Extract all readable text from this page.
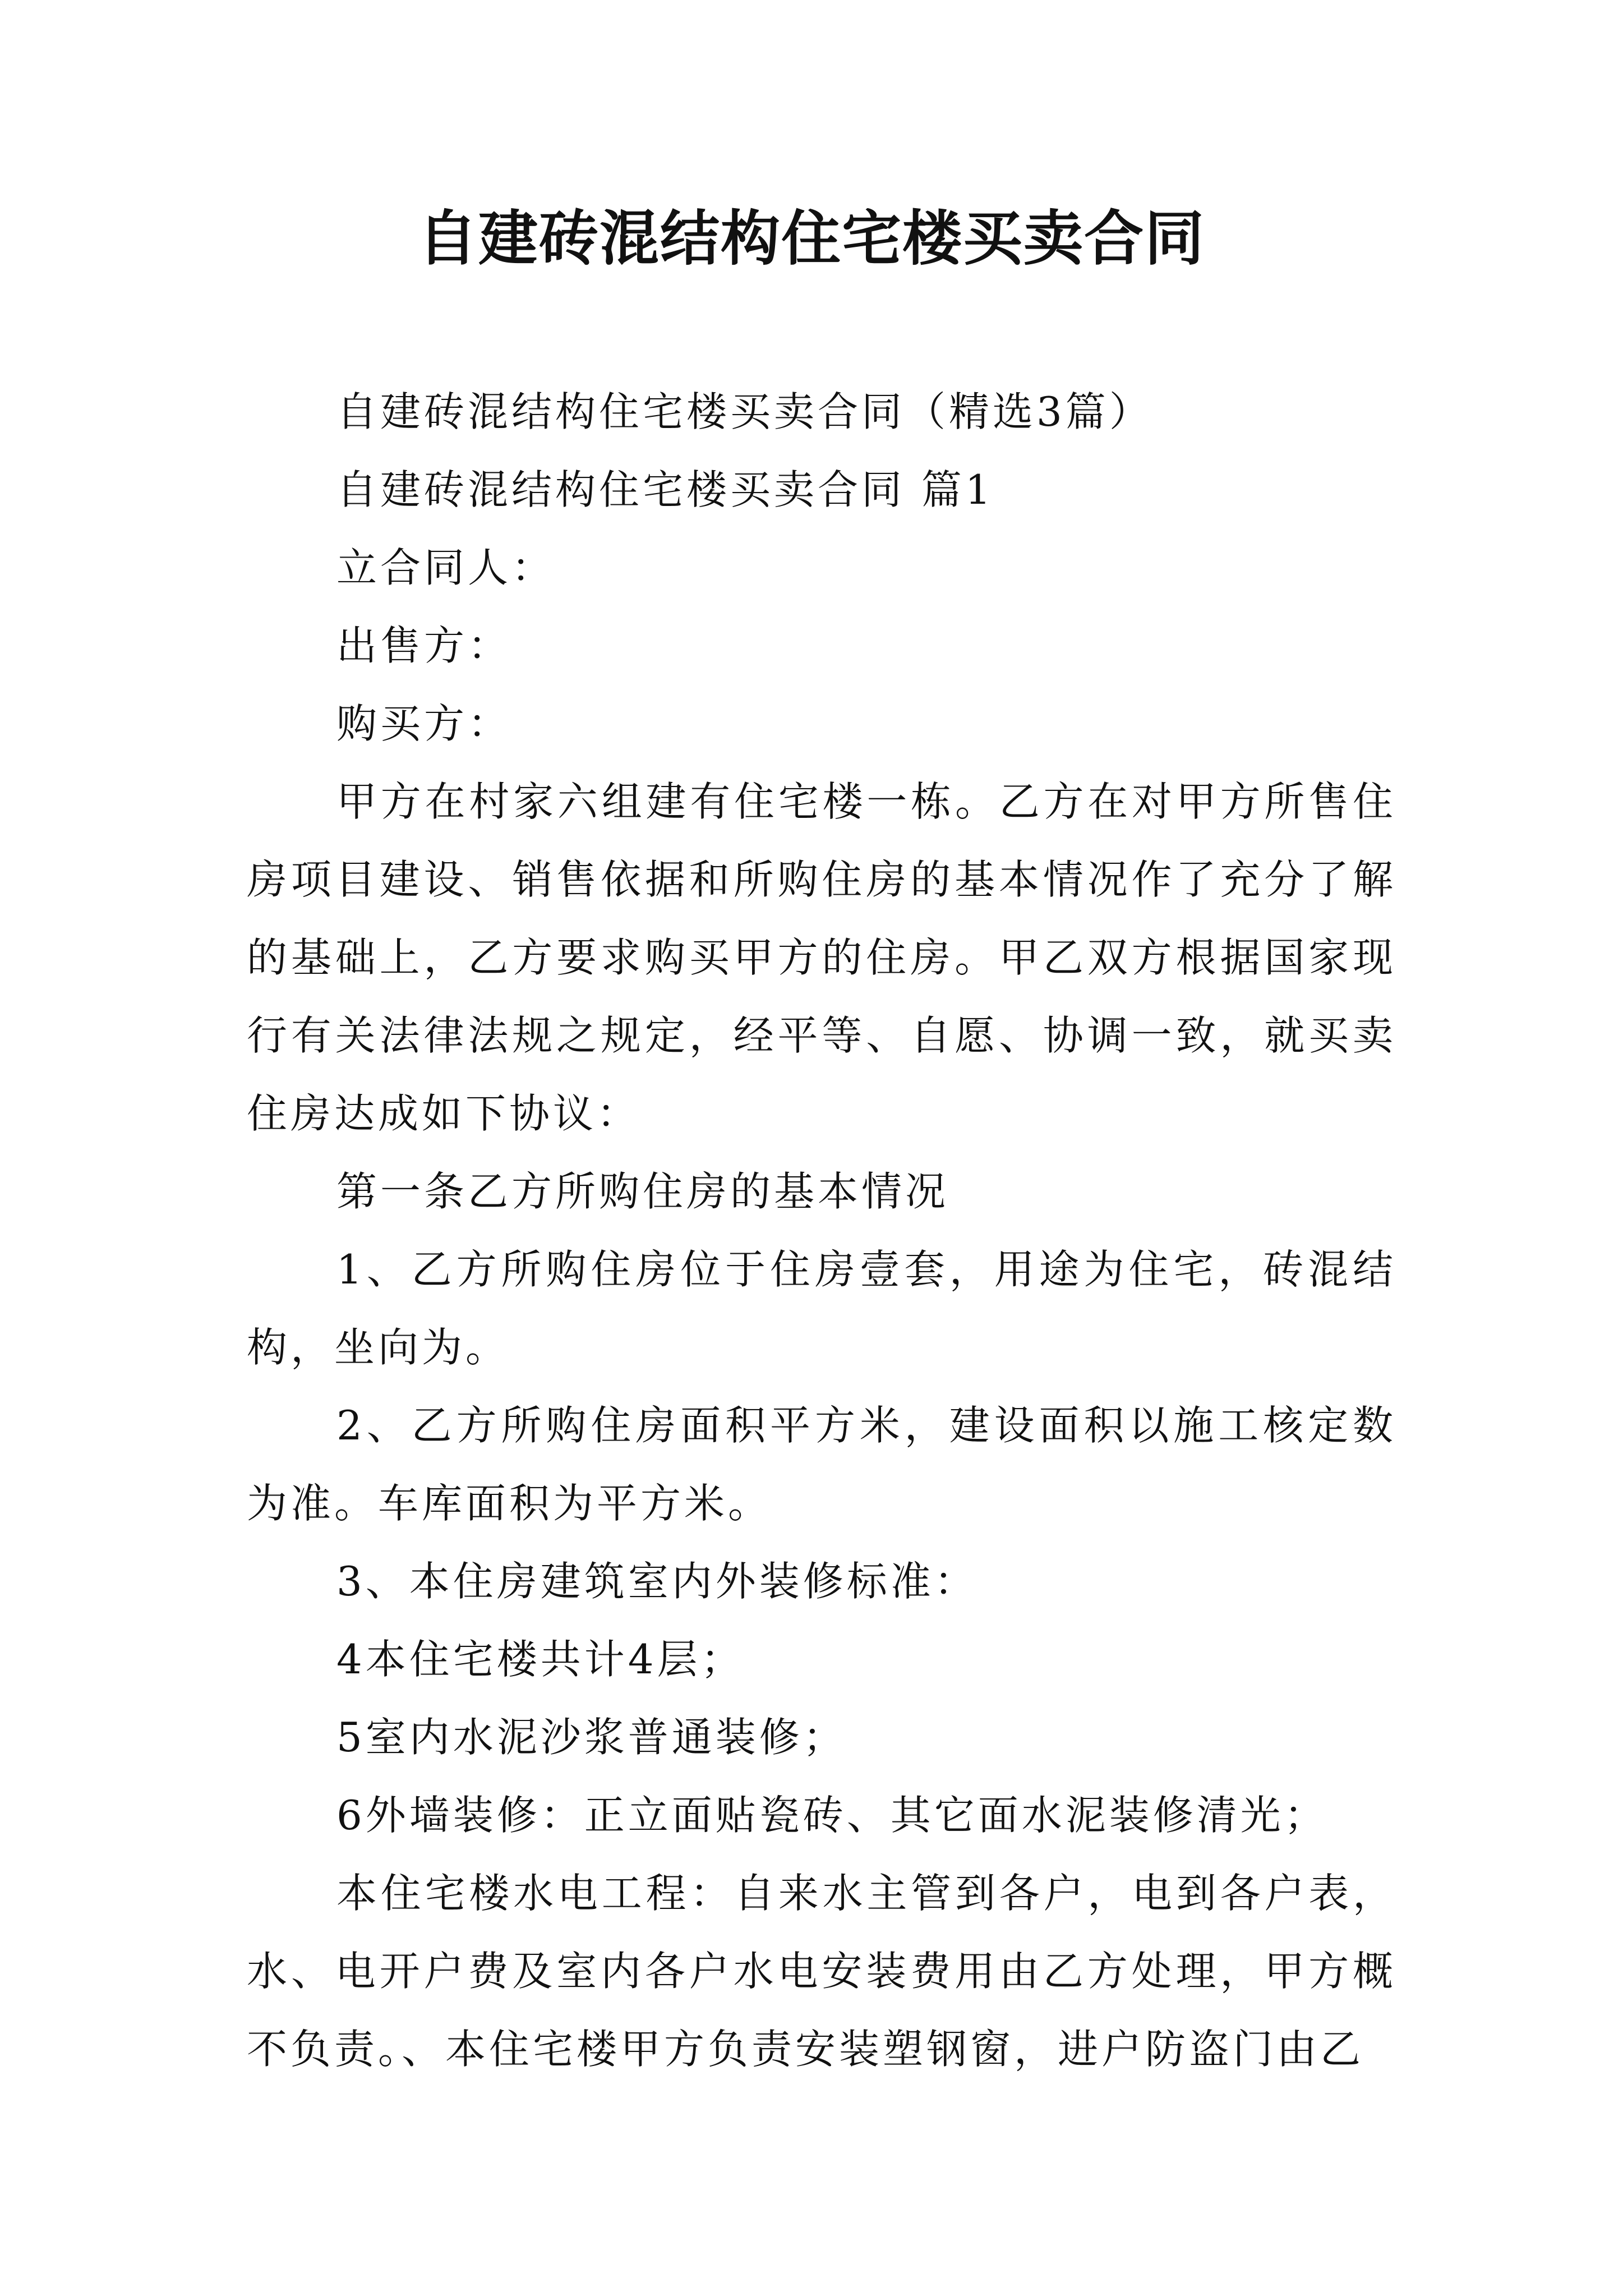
自建砖混结构住宅楼买卖合同

自建砖混结构住宅楼买卖合同（精选3篇）

自建砖混结构住宅楼买卖合同 篇1

立合同人：

出售方：

购买方：

甲方在村家六组建有住宅楼一栋。乙方在对甲方所售住房项目建设、销售依据和所购住房的基本情况作了充分了解的基础上，乙方要求购买甲方的住房。甲乙双方根据国家现行有关法律法规之规定，经平等、自愿、协调一致，就买卖住房达成如下协议：

第一条乙方所购住房的基本情况

1、乙方所购住房位于住房壹套，用途为住宅，砖混结构，坐向为。

2、乙方所购住房面积平方米，建设面积以施工核定数为准。车库面积为平方米。

3、本住房建筑室内外装修标准：

4本住宅楼共计4层；

5室内水泥沙浆普通装修；

6外墙装修：正立面贴瓷砖、其它面水泥装修清光；

本住宅楼水电工程：自来水主管到各户，电到各户表，水、电开户费及室内各户水电安装费用由乙方处理，甲方概不负责。、本住宅楼甲方负责安装塑钢窗，进户防盗门由乙
